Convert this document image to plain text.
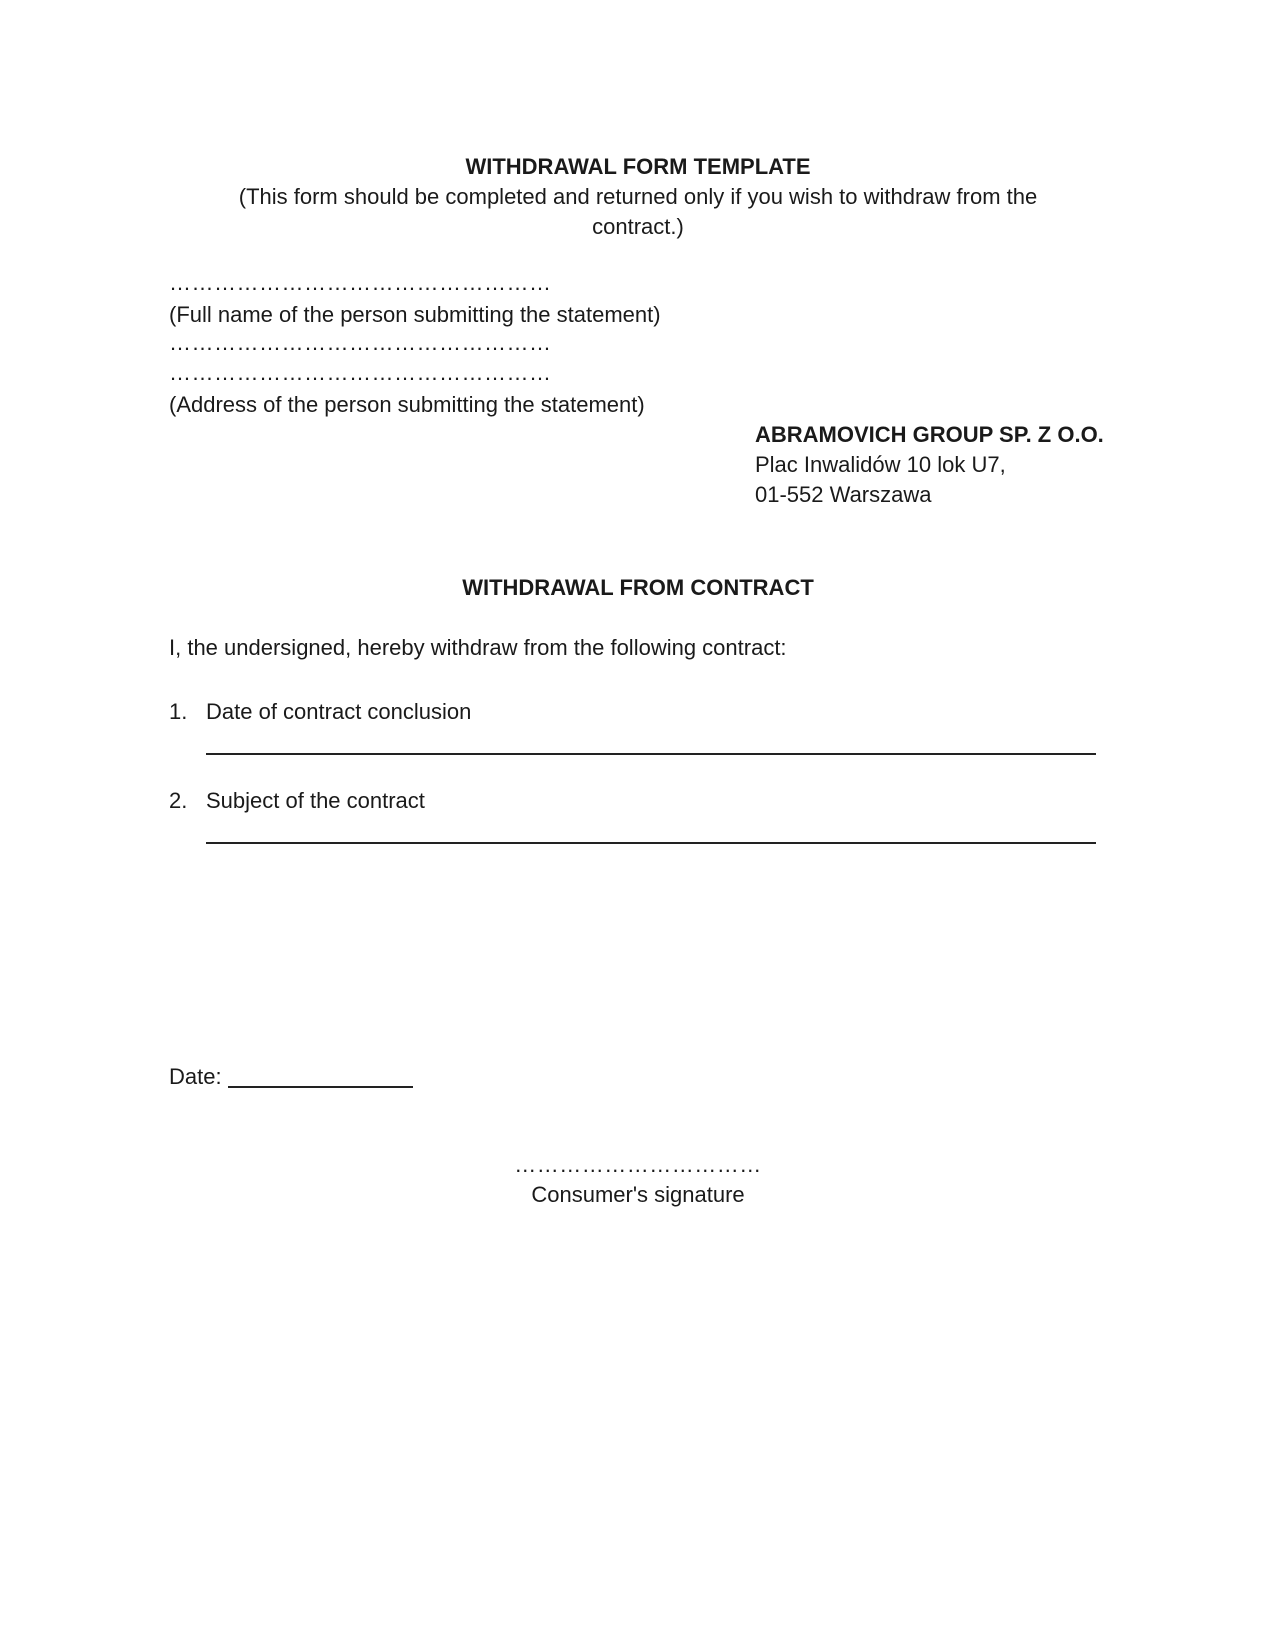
WITHDRAWAL FORM TEMPLATE
(This form should be completed and returned only if you wish to withdraw from the
contract.)
……………………………………………
(Full name of the person submitting the statement)
……………………………………………
……………………………………………
(Address of the person submitting the statement)
ABRAMOVICH GROUP SP. Z O.O.
Plac Inwalidów 10 lok U7,
01-552 Warszawa
WITHDRAWAL FROM CONTRACT
I, the undersigned, hereby withdraw from the following contract:
1. Date of contract conclusion
2. Subject of the contract
Date:
……………………………
Consumer's signature
